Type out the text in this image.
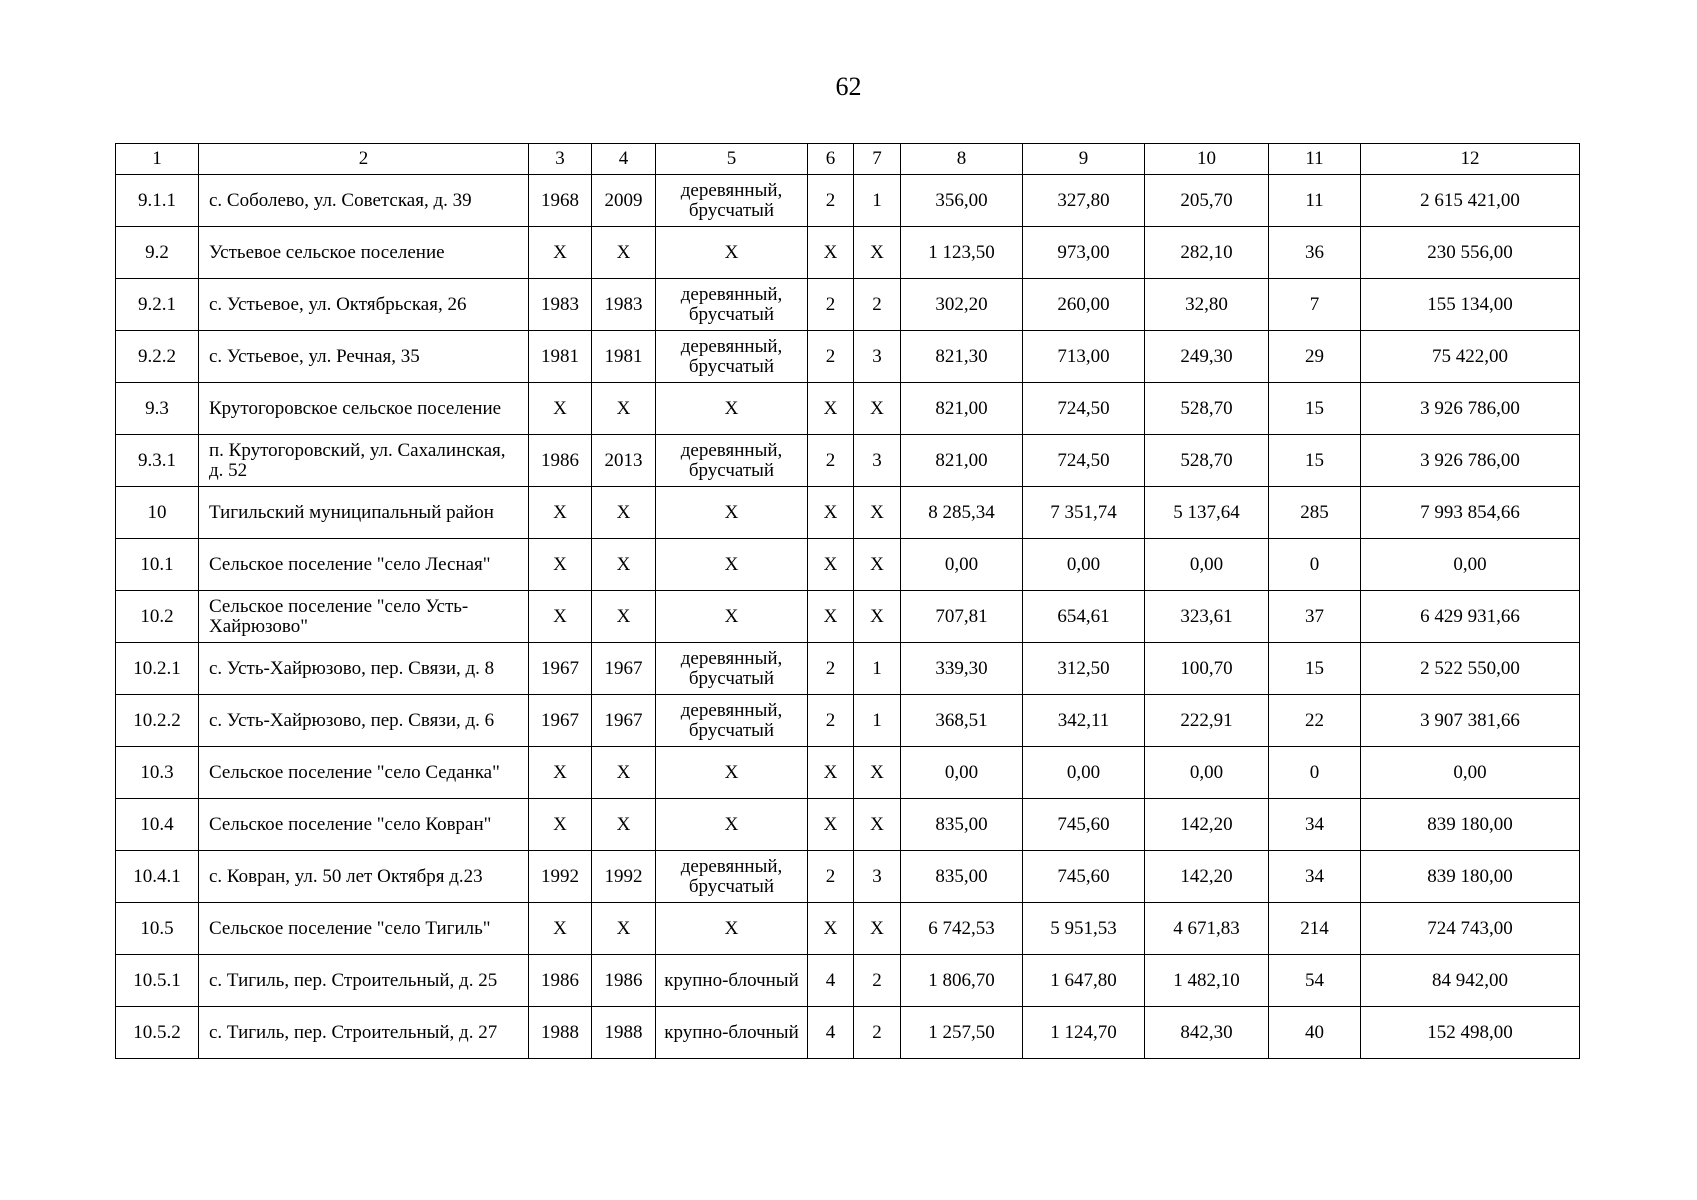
62
1	2	3	4	5	6	7	8	9	10	11	12
9.1.1	с. Соболево, ул. Советская, д. 39	1968	2009	деревянный, брусчатый	2	1	356,00	327,80	205,70	11	2 615 421,00
9.2	Устьевое сельское поселение	X	X	X	X	X	1 123,50	973,00	282,10	36	230 556,00
9.2.1	с. Устьевое, ул. Октябрьская, 26	1983	1983	деревянный, брусчатый	2	2	302,20	260,00	32,80	7	155 134,00
9.2.2	с. Устьевое, ул. Речная, 35	1981	1981	деревянный, брусчатый	2	3	821,30	713,00	249,30	29	75 422,00
9.3	Крутогоровское сельское поселение	X	X	X	X	X	821,00	724,50	528,70	15	3 926 786,00
9.3.1	п. Крутогоровский, ул. Сахалинская, д. 52	1986	2013	деревянный, брусчатый	2	3	821,00	724,50	528,70	15	3 926 786,00
10	Тигильский муниципальный район	X	X	X	X	X	8 285,34	7 351,74	5 137,64	285	7 993 854,66
10.1	Сельское поселение "село Лесная"	X	X	X	X	X	0,00	0,00	0,00	0	0,00
10.2	Сельское поселение "село Усть-Хайрюзово"	X	X	X	X	X	707,81	654,61	323,61	37	6 429 931,66
10.2.1	с. Усть-Хайрюзово, пер. Связи, д. 8	1967	1967	деревянный, брусчатый	2	1	339,30	312,50	100,70	15	2 522 550,00
10.2.2	с. Усть-Хайрюзово, пер. Связи, д. 6	1967	1967	деревянный, брусчатый	2	1	368,51	342,11	222,91	22	3 907 381,66
10.3	Сельское поселение "село Седанка"	X	X	X	X	X	0,00	0,00	0,00	0	0,00
10.4	Сельское поселение "село Ковран"	X	X	X	X	X	835,00	745,60	142,20	34	839 180,00
10.4.1	с. Ковран, ул. 50 лет Октября д.23	1992	1992	деревянный, брусчатый	2	3	835,00	745,60	142,20	34	839 180,00
10.5	Сельское поселение "село Тигиль"	X	X	X	X	X	6 742,53	5 951,53	4 671,83	214	724 743,00
10.5.1	с. Тигиль, пер. Строительный, д. 25	1986	1986	крупно-блочный	4	2	1 806,70	1 647,80	1 482,10	54	84 942,00
10.5.2	с. Тигиль, пер. Строительный, д. 27	1988	1988	крупно-блочный	4	2	1 257,50	1 124,70	842,30	40	152 498,00
